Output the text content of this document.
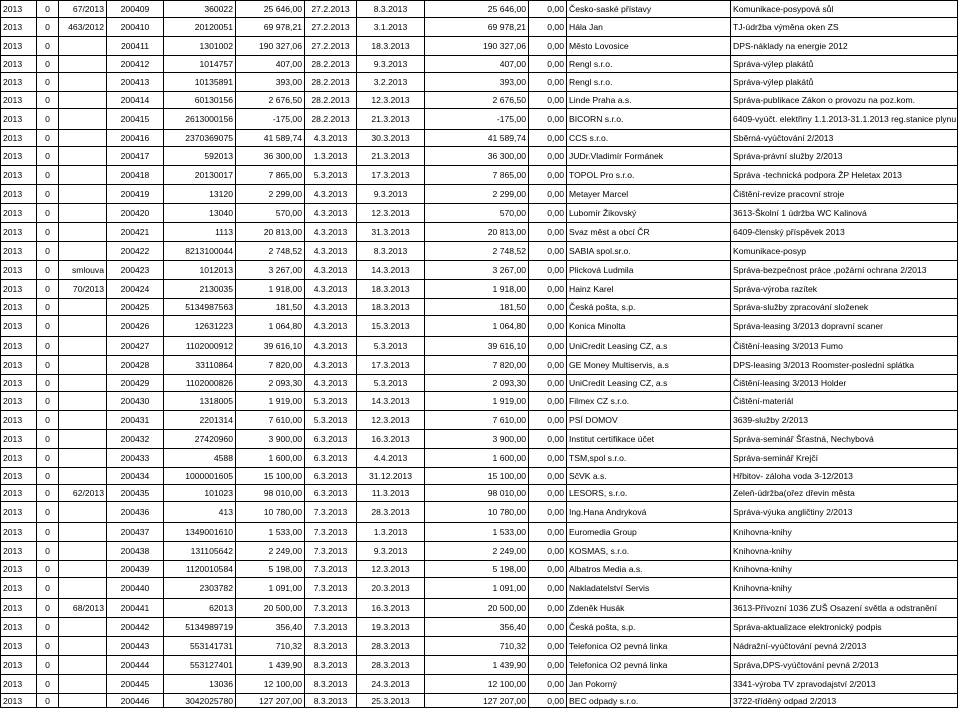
2013	0	67/2013	200409	360022	25 646,00	27.2.2013	8.3.2013	25 646,00	0,00	Česko-saské přístavy	Komunikace-posypová sůl
2013	0	463/2012	200410	20120051	69 978,21	27.2.2013	3.1.2013	69 978,21	0,00	Hála Jan	TJ-údržba výměna oken ZS
2013	0		200411	1301002	190 327,06	27.2.2013	18.3.2013	190 327,06	0,00	Město Lovosice	DPS-náklady na energie 2012
2013	0		200412	1014757	407,00	28.2.2013	9.3.2013	407,00	0,00	Rengl s.r.o.	Správa-výlep plakátů
2013	0		200413	10135891	393,00	28.2.2013	3.2.2013	393,00	0,00	Rengl s.r.o.	Správa-výlep plakátů
2013	0		200414	60130156	2 676,50	28.2.2013	12.3.2013	2 676,50	0,00	Linde Praha a.s.	Správa-publikace Zákon o provozu na poz.kom.
2013	0		200415	2613000156	-175,00	28.2.2013	21.3.2013	-175,00	0,00	BICORN s.r.o.	6409-vyúčt. elektřiny 1.1.2013-31.1.2013 reg.stanice plynu
2013	0		200416	2370369075	41 589,74	4.3.2013	30.3.2013	41 589,74	0,00	CCS s.r.o.	Sběrná-vyúčtování 2/2013
2013	0		200417	592013	36 300,00	1.3.2013	21.3.2013	36 300,00	0,00	JUDr.Vladimír Formánek	Správa-právní služby 2/2013
2013	0		200418	20130017	7 865,00	5.3.2013	17.3.2013	7 865,00	0,00	TOPOL Pro s.r.o.	Správa -technická podpora ŽP Heletax 2013
2013	0		200419	13120	2 299,00	4.3.2013	9.3.2013	2 299,00	0,00	Metayer Marcel	Čištění-revize pracovní stroje
2013	0		200420	13040	570,00	4.3.2013	12.3.2013	570,00	0,00	Lubomír Žikovský	3613-Školní 1 údržba WC Kalinová
2013	0		200421	1113	20 813,00	4.3.2013	31.3.2013	20 813,00	0,00	Svaz měst a obcí ČR	6409-členský příspěvek 2013
2013	0		200422	8213100044	2 748,52	4.3.2013	8.3.2013	2 748,52	0,00	SABIA spol.sr.o.	Komunikace-posyp
2013	0	smlouva	200423	1012013	3 267,00	4.3.2013	14.3.2013	3 267,00	0,00	Plicková Ludmila	Správa-bezpečnost práce ,požární ochrana 2/2013
2013	0	70/2013	200424	2130035	1 918,00	4.3.2013	18.3.2013	1 918,00	0,00	Hainz Karel	Správa-výroba razítek
2013	0		200425	5134987563	181,50	4.3.2013	18.3.2013	181,50	0,00	Česká pošta, s.p.	Správa-služby zpracování složenek
2013	0		200426	12631223	1 064,80	4.3.2013	15.3.2013	1 064,80	0,00	Konica Minolta	Správa-leasing 3/2013 dopravní scaner
2013	0		200427	1102000912	39 616,10	4.3.2013	5.3.2013	39 616,10	0,00	UniCredit Leasing CZ, a.s	Čištění-leasing 3/2013 Fumo
2013	0		200428	33110864	7 820,00	4.3.2013	17.3.2013	7 820,00	0,00	GE Money Multiservis, a.s	DPS-leasing 3/2013 Roomster-poslední splátka
2013	0		200429	1102000826	2 093,30	4.3.2013	5.3.2013	2 093,30	0,00	UniCredit Leasing CZ, a.s	Čištění-leasing 3/2013 Holder
2013	0		200430	1318005	1 919,00	5.3.2013	14.3.2013	1 919,00	0,00	Filmex CZ s.r.o.	Čištění-materiál
2013	0		200431	2201314	7 610,00	5.3.2013	12.3.2013	7 610,00	0,00	PSÍ DOMOV	3639-služby 2/2013
2013	0		200432	27420960	3 900,00	6.3.2013	16.3.2013	3 900,00	0,00	Institut certifikace účet	Správa-seminář Šťastná, Nechybová
2013	0		200433	4588	1 600,00	6.3.2013	4.4.2013	1 600,00	0,00	TSM,spol s.r.o.	Správa-seminář Krejčí
2013	0		200434	1000001605	15 100,00	6.3.2013	31.12.2013	15 100,00	0,00	SčVK a.s.	Hřbitov- záloha voda 3-12/2013
2013	0	62/2013	200435	101023	98 010,00	6.3.2013	11.3.2013	98 010,00	0,00	LESORS, s.r.o.	Zeleň-údržba(ořez dřevin města
2013	0		200436	413	10 780,00	7.3.2013	28.3.2013	10 780,00	0,00	Ing.Hana Andryková	Správa-výuka angličtiny 2/2013
2013	0		200437	1349001610	1 533,00	7.3.2013	1.3.2013	1 533,00	0,00	Euromedia Group	Knihovna-knihy
2013	0		200438	131105642	2 249,00	7.3.2013	9.3.2013	2 249,00	0,00	KOSMAS, s.r.o.	Knihovna-knihy
2013	0		200439	1120010584	5 198,00	7.3.2013	12.3.2013	5 198,00	0,00	Albatros Media a.s.	Knihovna-knihy
2013	0		200440	2303782	1 091,00	7.3.2013	20.3.2013	1 091,00	0,00	Nakladatelství Servis	Knihovna-knihy
2013	0	68/2013	200441	62013	20 500,00	7.3.2013	16.3.2013	20 500,00	0,00	Zdeněk Husák	3613-Přívozní 1036 ZUŠ Osazení světla a odstranění
2013	0		200442	5134989719	356,40	7.3.2013	19.3.2013	356,40	0,00	Česká pošta, s.p.	Správa-aktualizace elektronický podpis
2013	0		200443	553141731	710,32	8.3.2013	28.3.2013	710,32	0,00	Telefonica O2 pevná linka	Nádražní-vyúčtování pevná 2/2013
2013	0		200444	553127401	1 439,90	8.3.2013	28.3.2013	1 439,90	0,00	Telefonica O2 pevná linka	Správa,DPS-vyúčtování pevná 2/2013
2013	0		200445	13036	12 100,00	8.3.2013	24.3.2013	12 100,00	0,00	Jan Pokorný	3341-výroba TV zpravodajství 2/2013
2013	0		200446	3042025780	127 207,00	8.3.2013	25.3.2013	127 207,00	0,00	BEC odpady s.r.o.	3722-tříděný odpad 2/2013
